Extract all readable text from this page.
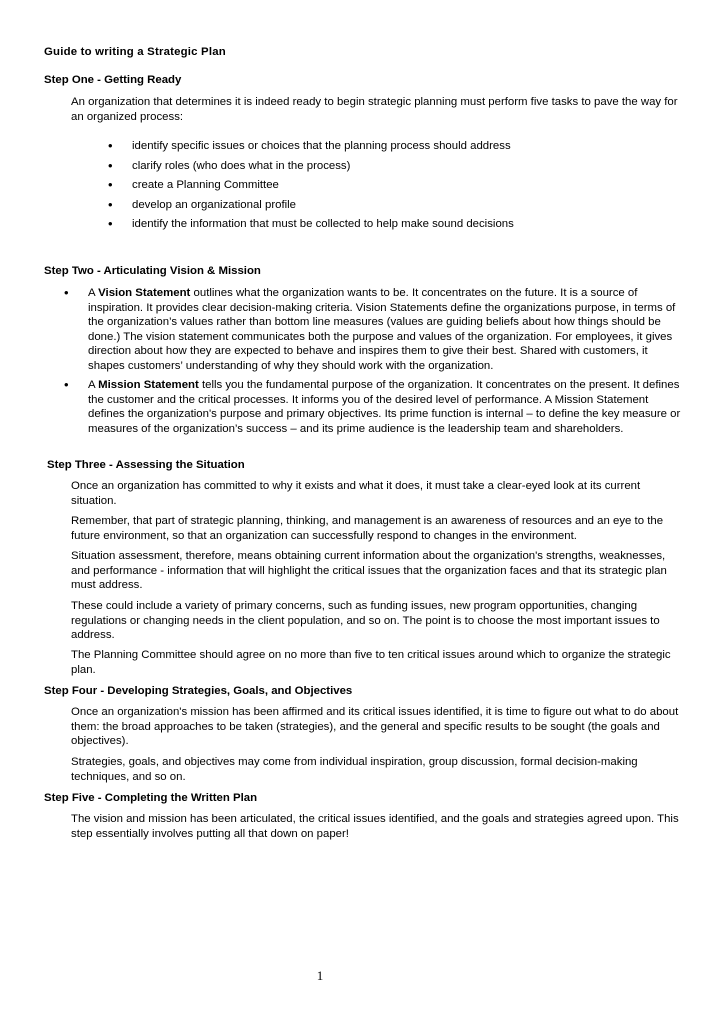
Guide to writing a Strategic Plan
Step One - Getting Ready

An organization that determines it is indeed ready to begin strategic planning must perform five tasks to pave the way for an organized process:

• identify specific issues or choices that the planning process should address
• clarify roles (who does what in the process)
• create a Planning Committee
• develop an organizational profile
• identify the information that must be collected to help make sound decisions
Step Two - Articulating Vision & Mission
• A Vision Statement outlines what the organization wants to be. It concentrates on the future. It is a source of inspiration. It provides clear decision-making criteria. Vision Statements define the organizations purpose, in terms of the organization’s values rather than bottom line measures (values are guiding beliefs about how things should be done.) The vision statement communicates both the purpose and values of the organization. For employees, it gives direction about how they are expected to behave and inspires them to give their best. Shared with customers, it shapes customers’ understanding of why they should work with the organization.

• A Mission Statement tells you the fundamental purpose of the organization. It concentrates on the present. It defines the customer and the critical processes. It informs you of the desired level of performance. A Mission Statement defines the organization's purpose and primary objectives. Its prime function is internal – to define the key measure or measures of the organization’s success – and its prime audience is the leadership team and shareholders.

Step Three - Assessing the Situation

Once an organization has committed to why it exists and what it does, it must take a clear-eyed look at its current situation.

Remember, that part of strategic planning, thinking, and management is an awareness of resources and an eye to the future environment, so that an organization can successfully respond to changes in the environment.

Situation assessment, therefore, means obtaining current information about the organization's strengths, weaknesses, and performance - information that will highlight the critical issues that the organization faces and that its strategic plan must address.

These could include a variety of primary concerns, such as funding issues, new program opportunities, changing regulations or changing needs in the client population, and so on. The point is to choose the most important issues to address.

The Planning Committee should agree on no more than five to ten critical issues around which to organize the strategic plan.

Step Four - Developing Strategies, Goals, and Objectives

Once an organization's mission has been affirmed and its critical issues identified, it is time to figure out what to do about them: the broad approaches to be taken (strategies), and the general and specific results to be sought (the goals and objectives).

Strategies, goals, and objectives may come from individual inspiration, group discussion, formal decision-making techniques, and so on.

Step Five - Completing the Written Plan

The vision and mission has been articulated, the critical issues identified, and the goals and strategies agreed upon. This step essentially involves putting all that down on paper!

1
